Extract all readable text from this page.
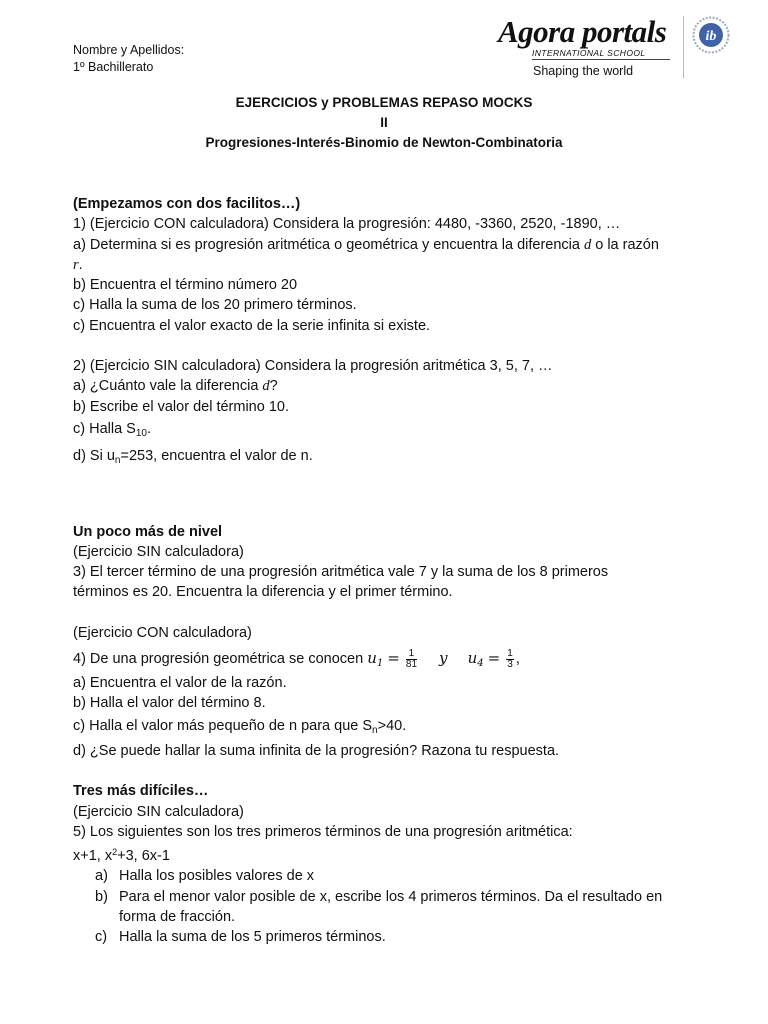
Nombre y Apellidos:
1º Bachillerato
Agora portals
INTERNATIONAL SCHOOL
Shaping the world
ib
EJERCICIOS y PROBLEMAS REPASO MOCKS
II
Progresiones-Interés-Binomio de Newton-Combinatoria
(Empezamos con dos facilitos…)
1) (Ejercicio CON calculadora) Considera la progresión: 4480, -3360, 2520, -1890, …
a) Determina si es progresión aritmética o geométrica y encuentra la diferencia d o la razón
r.
b) Encuentra el término número 20
c) Halla la suma de los 20 primero términos.
c) Encuentra el valor exacto de la serie infinita si existe.
2) (Ejercicio SIN calculadora) Considera la progresión aritmética 3, 5, 7, …
a) ¿Cuánto vale la diferencia d?
b) Escribe el valor del término 10.
c) Halla $S_{10}$.
d) Si $u_n=253$, encuentra el valor de n.
Un poco más de nivel
(Ejercicio SIN calculadora)
3) El tercer término de una progresión aritmética vale 7 y la suma de los 8 primeros
términos es 20. Encuentra la diferencia y el primer término.
(Ejercicio CON calculadora)
4) De una progresión geométrica se conocen $u_1 = \frac{1}{81}$ y $u_4 = \frac{1}{3}$ ,
a) Encuentra el valor de la razón.
b) Halla el valor del término 8.
c) Halla el valor más pequeño de n para que $S_n>40$.
d) ¿Se puede hallar la suma infinita de la progresión? Razona tu respuesta.
Tres más difíciles…
(Ejercicio SIN calculadora)
5) Los siguientes son los tres primeros términos de una progresión aritmética:
x+1, $x^2+3$, 6x-1
a) Halla los posibles valores de x
b) Para el menor valor posible de x, escribe los 4 primeros términos. Da el resultado en forma de fracción.
c) Halla la suma de los 5 primeros términos.
